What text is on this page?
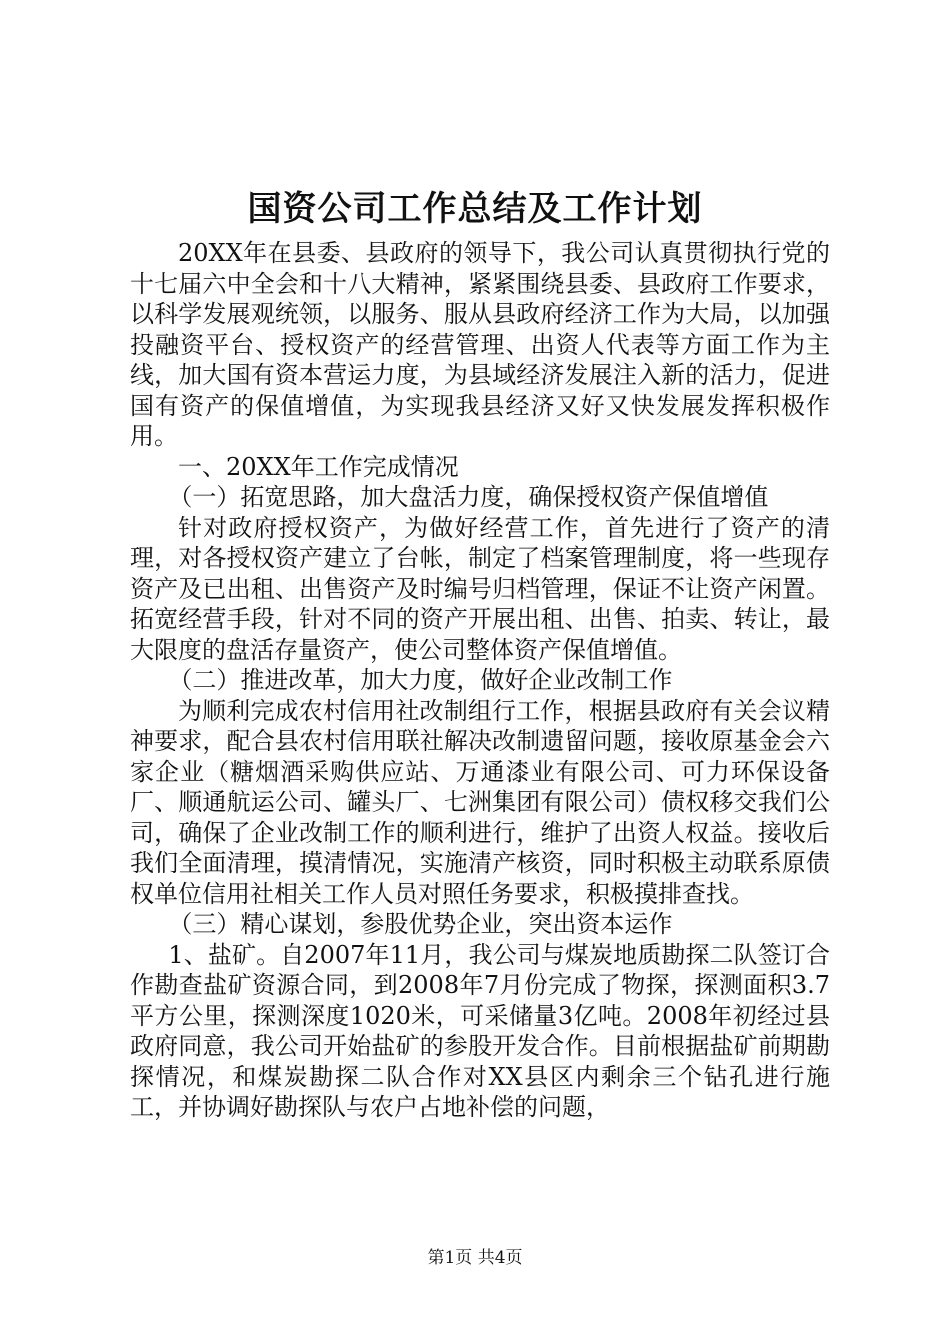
国资公司工作总结及工作计划

20XX年在县委、县政府的领导下，我公司认真贯彻执行党的十七届六中全会和十八大精神，紧紧围绕县委、县政府工作要求，以科学发展观统领，以服务、服从县政府经济工作为大局，以加强投融资平台、授权资产的经营管理、出资人代表等方面工作为主线，加大国有资本营运力度，为县域经济发展注入新的活力，促进国有资产的保值增值，为实现我县经济又好又快发展发挥积极作用。

一、20XX年工作完成情况

（一）拓宽思路，加大盘活力度，确保授权资产保值增值

针对政府授权资产，为做好经营工作，首先进行了资产的清理，对各授权资产建立了台帐，制定了档案管理制度，将一些现存资产及已出租、出售资产及时编号归档管理，保证不让资产闲置。拓宽经营手段，针对不同的资产开展出租、出售、拍卖、转让，最大限度的盘活存量资产，使公司整体资产保值增值。

（二）推进改革，加大力度，做好企业改制工作

为顺利完成农村信用社改制组行工作，根据县政府有关会议精神要求，配合县农村信用联社解决改制遗留问题，接收原基金会六家企业（糖烟酒采购供应站、万通漆业有限公司、可力环保设备厂、顺通航运公司、罐头厂、七洲集团有限公司）债权移交我们公司，确保了企业改制工作的顺利进行，维护了出资人权益。接收后我们全面清理，摸清情况，实施清产核资，同时积极主动联系原债权单位信用社相关工作人员对照任务要求，积极摸排查找。

（三）精心谋划，参股优势企业，突出资本运作

1、盐矿。自2007年11月，我公司与煤炭地质勘探二队签订合作勘查盐矿资源合同，到2008年7月份完成了物探，探测面积3.7平方公里，探测深度1020米，可采储量3亿吨。2008年初经过县政府同意，我公司开始盐矿的参股开发合作。目前根据盐矿前期勘探情况，和煤炭勘探二队合作对XX县区内剩余三个钻孔进行施工，并协调好勘探队与农户占地补偿的问题，

第1页 共4页
